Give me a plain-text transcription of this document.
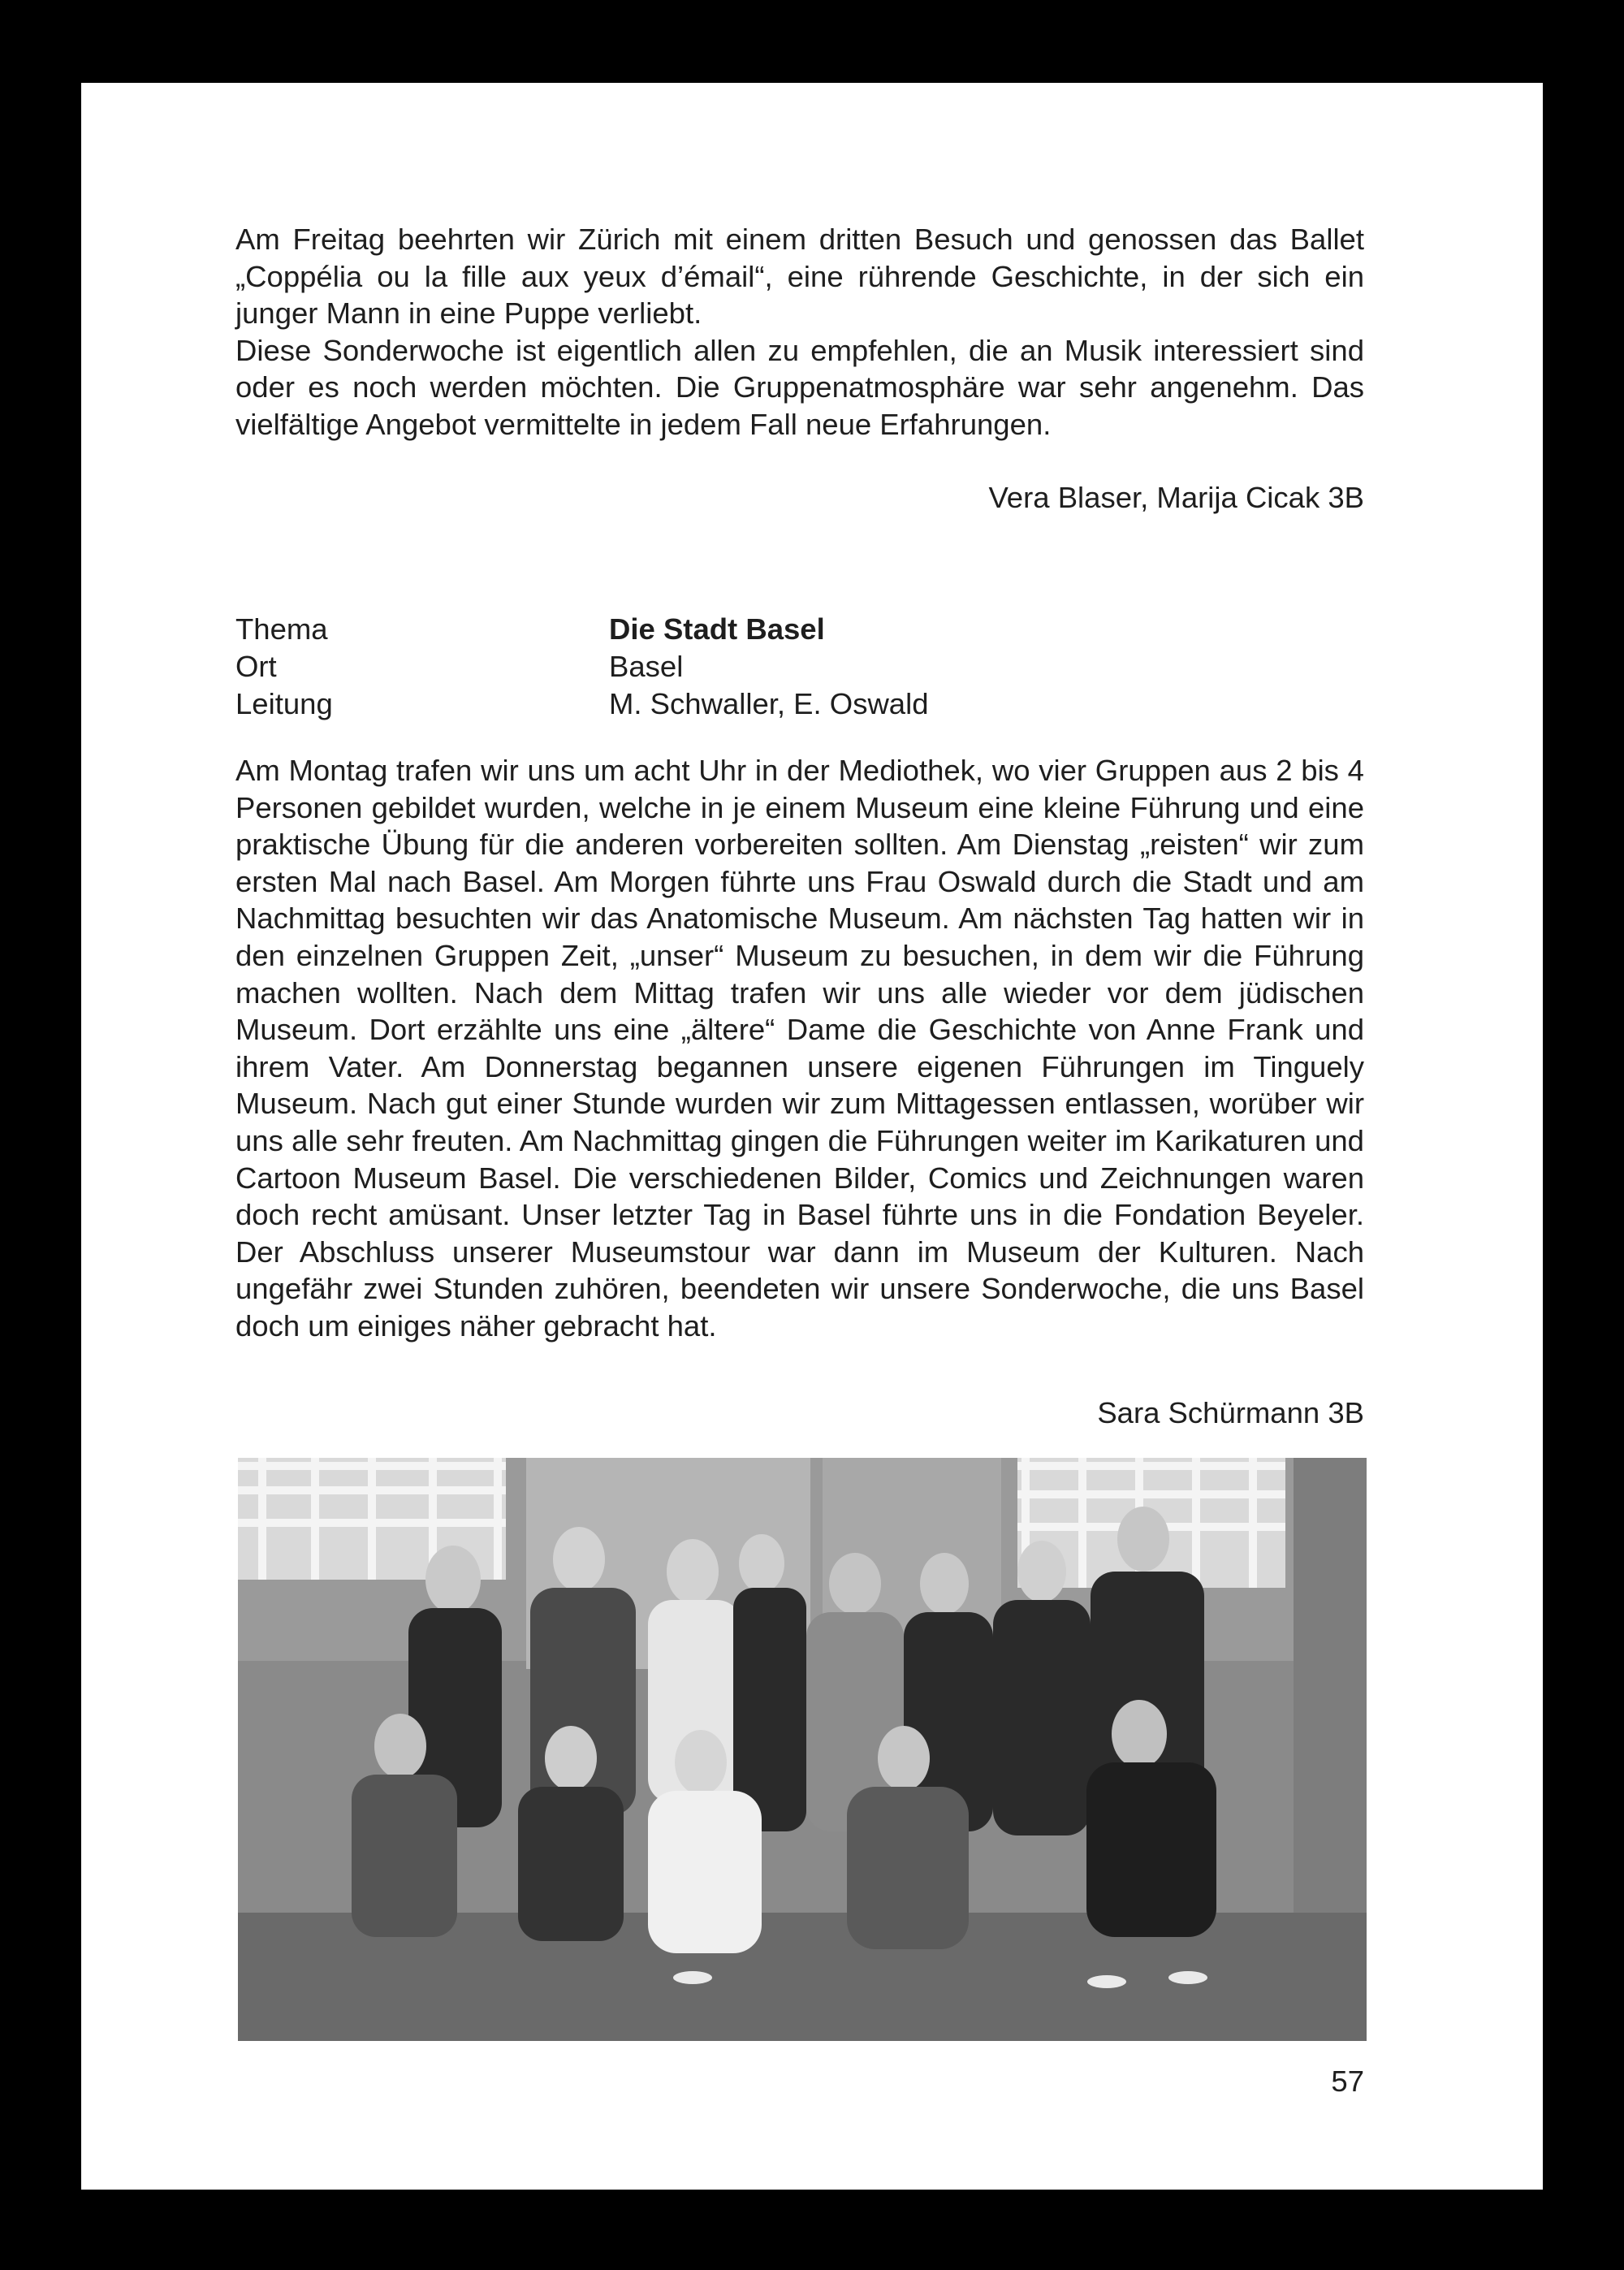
Am Freitag beehrten wir Zürich mit einem dritten Besuch und genossen das Ballet „Coppélia ou la fille aux yeux d’émail“, eine rührende Geschichte, in der sich ein junger Mann in eine Puppe verliebt.

Diese Sonderwoche ist eigentlich allen zu empfehlen, die an Musik interessiert sind oder es noch werden möchten. Die Gruppenatmosphäre war sehr angenehm. Das vielfältige Angebot vermittelte in jedem Fall neue Erfahrungen.

Vera Blaser, Marija Cicak 3B
Thema	Die Stadt Basel
Ort	Basel
Leitung	M. Schwaller, E. Oswald

Am Montag trafen wir uns um acht Uhr in der Mediothek, wo vier Gruppen aus 2 bis 4 Personen gebildet wurden, welche in je einem Museum eine kleine Führung und eine praktische Übung für die anderen vorbereiten sollten. Am Dienstag „reisten“ wir zum ersten Mal nach Basel. Am Morgen führte uns Frau Oswald durch die Stadt und am Nachmittag besuchten wir das Anatomische Museum. Am nächsten Tag hatten wir in den einzelnen Gruppen Zeit, „unser“ Museum zu besuchen, in dem wir die Führung machen wollten. Nach dem Mittag trafen wir uns alle wieder vor dem jüdischen Museum. Dort erzählte uns eine „ältere“ Dame die Geschichte von Anne Frank und ihrem Vater. Am Donnerstag begannen unsere eigenen Führungen im Tinguely Museum. Nach gut einer Stunde wurden wir zum Mittagessen entlassen, worüber wir uns alle sehr freuten. Am Nachmittag gingen die Führungen weiter im Karikaturen und Cartoon Museum Basel. Die verschiedenen Bilder, Comics und Zeichnungen waren doch recht amüsant. Unser letzter Tag in Basel führte uns in die Fondation Beyeler. Der Abschluss unserer Museumstour war dann im Museum der Kulturen. Nach ungefähr zwei Stunden zuhören, beendeten wir unsere Sonderwoche, die uns Basel doch um einiges näher gebracht hat.

Sara Schürmann 3B
57
